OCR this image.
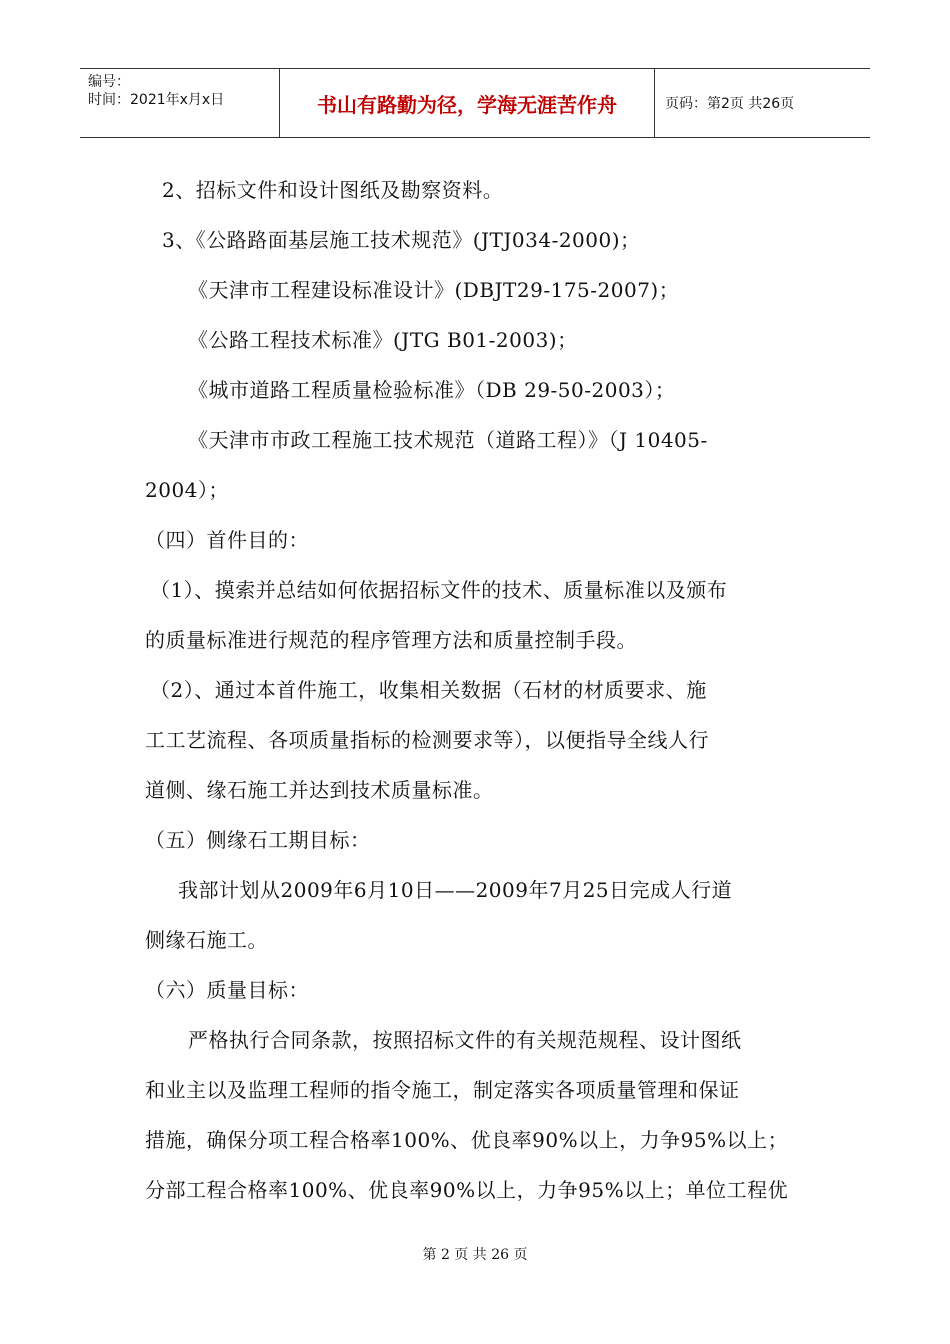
编号：
时间：2021年x月x日	书山有路勤为径，学海无涯苦作舟	页码：第2页 共26页
2、招标文件和设计图纸及勘察资料。
3、《公路路面基层施工技术规范》(JTJ034-2000)；
《天津市工程建设标准设计》(DBJT29-175-2007)；
《公路工程技术标准》(JTG B01-2003)；
《城市道路工程质量检验标准》（DB 29-50-2003）；
《天津市市政工程施工技术规范（道路工程）》（J 10405-
2004）；
（四）首件目的：
（1）、摸索并总结如何依据招标文件的技术、质量标准以及颁布
的质量标准进行规范的程序管理方法和质量控制手段。
（2）、通过本首件施工，收集相关数据（石材的材质要求、施
工工艺流程、各项质量指标的检测要求等），以便指导全线人行
道侧、缘石施工并达到技术质量标准。
（五）侧缘石工期目标：
我部计划从2009年6月10日——2009年7月25日完成人行道
侧缘石施工。
（六）质量目标：
严格执行合同条款，按照招标文件的有关规范规程、设计图纸
和业主以及监理工程师的指令施工，制定落实各项质量管理和保证
措施，确保分项工程合格率100%、优良率90%以上，力争95%以上；
分部工程合格率100%、优良率90%以上，力争95%以上；单位工程优
第 2 页 共 26 页
